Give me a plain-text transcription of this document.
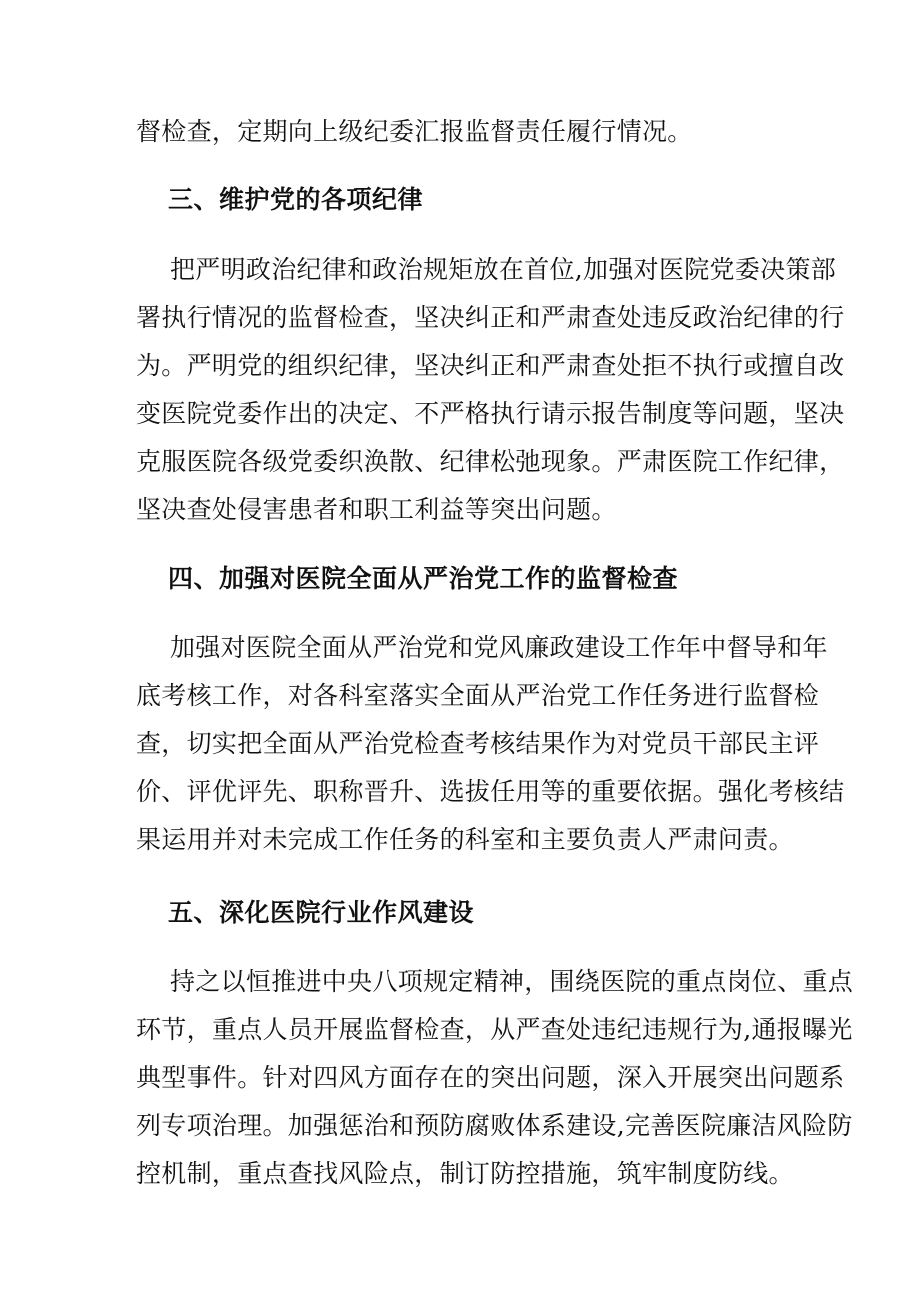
督检查，定期向上级纪委汇报监督责任履行情况。
三、维护党的各项纪律
把严明政治纪律和政治规矩放在首位,加强对医院党委决策部
署执行情况的监督检查，坚决纠正和严肃查处违反政治纪律的行
为。严明党的组织纪律，坚决纠正和严肃查处拒不执行或擅自改
变医院党委作出的决定、不严格执行请示报告制度等问题，坚决
克服医院各级党委织涣散、纪律松弛现象。严肃医院工作纪律，
坚决查处侵害患者和职工利益等突出问题。
四、加强对医院全面从严治党工作的监督检查
加强对医院全面从严治党和党风廉政建设工作年中督导和年
底考核工作，对各科室落实全面从严治党工作任务进行监督检
查，切实把全面从严治党检查考核结果作为对党员干部民主评
价、评优评先、职称晋升、选拔任用等的重要依据。强化考核结
果运用并对未完成工作任务的科室和主要负责人严肃问责。
五、深化医院行业作风建设
持之以恒推进中央八项规定精神，围绕医院的重点岗位、重点
环节，重点人员开展监督检查，从严查处违纪违规行为,通报曝光
典型事件。针对四风方面存在的突出问题，深入开展突出问题系
列专项治理。加强惩治和预防腐败体系建设,完善医院廉洁风险防
控机制，重点查找风险点，制订防控措施，筑牢制度防线。
